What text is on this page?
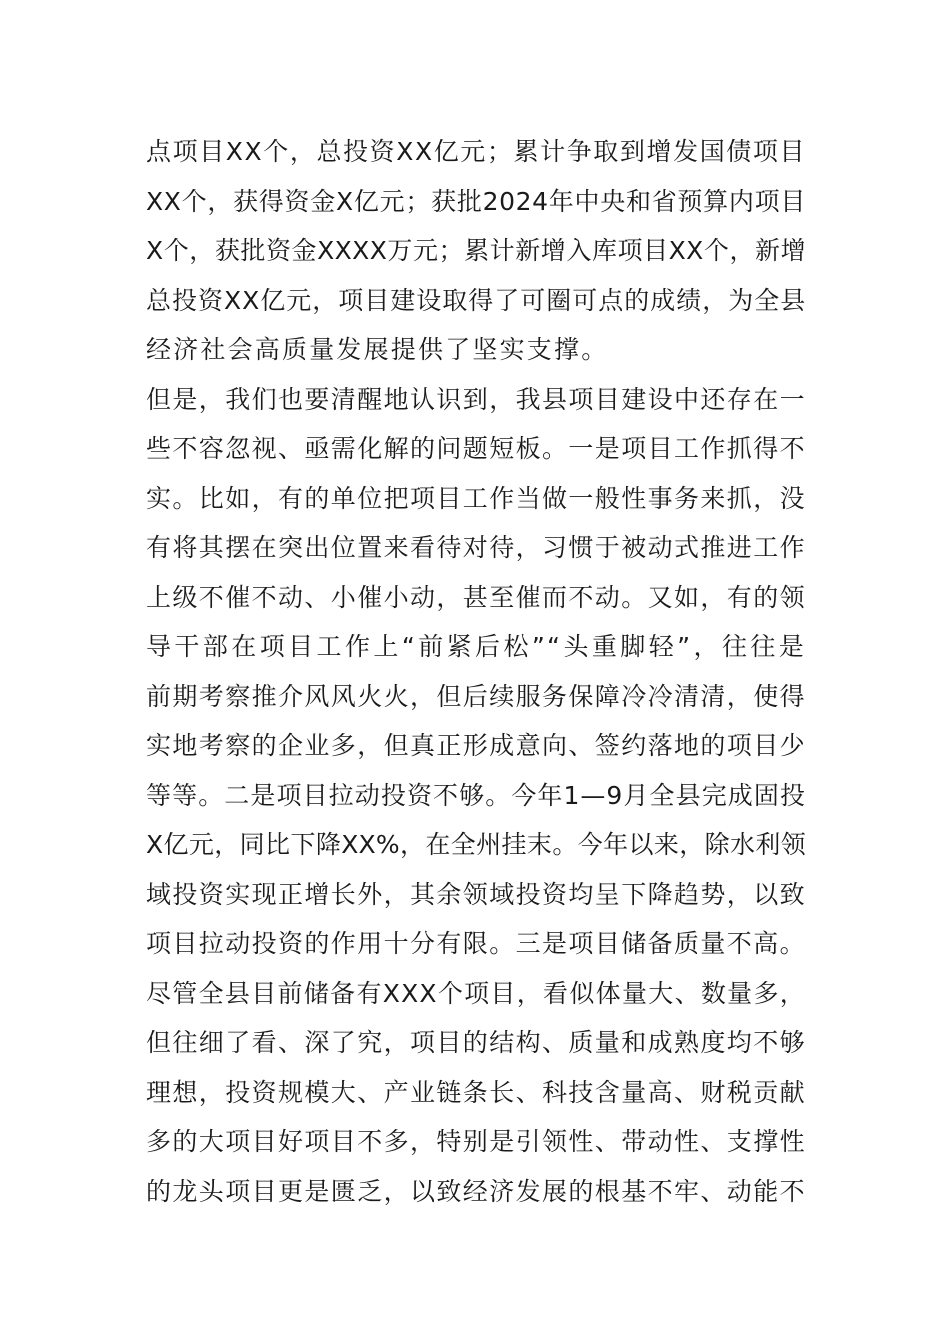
点项目XX个，总投资XX亿元；累计争取到增发国债项目
XX个，获得资金X亿元；获批2024年中央和省预算内项目
X个，获批资金XXXX万元；累计新增入库项目XX个，新增
总投资XX亿元，项目建设取得了可圈可点的成绩，为全县
经济社会高质量发展提供了坚实支撑。
但是，我们也要清醒地认识到，我县项目建设中还存在一
些不容忽视、亟需化解的问题短板。一是项目工作抓得不
实。比如，有的单位把项目工作当做一般性事务来抓，没
有将其摆在突出位置来看待对待，习惯于被动式推进工作
上级不催不动、小催小动，甚至催而不动。又如，有的领
导干部在项目工作上“前紧后松”“头重脚轻”，往往是
前期考察推介风风火火，但后续服务保障冷冷清清，使得
实地考察的企业多，但真正形成意向、签约落地的项目少
等等。二是项目拉动投资不够。今年1—9月全县完成固投
X亿元，同比下降XX%，在全州挂末。今年以来，除水利领
域投资实现正增长外，其余领域投资均呈下降趋势，以致
项目拉动投资的作用十分有限。三是项目储备质量不高。
尽管全县目前储备有XXX个项目，看似体量大、数量多，
但往细了看、深了究，项目的结构、质量和成熟度均不够
理想，投资规模大、产业链条长、科技含量高、财税贡献
多的大项目好项目不多，特别是引领性、带动性、支撑性
的龙头项目更是匮乏，以致经济发展的根基不牢、动能不
